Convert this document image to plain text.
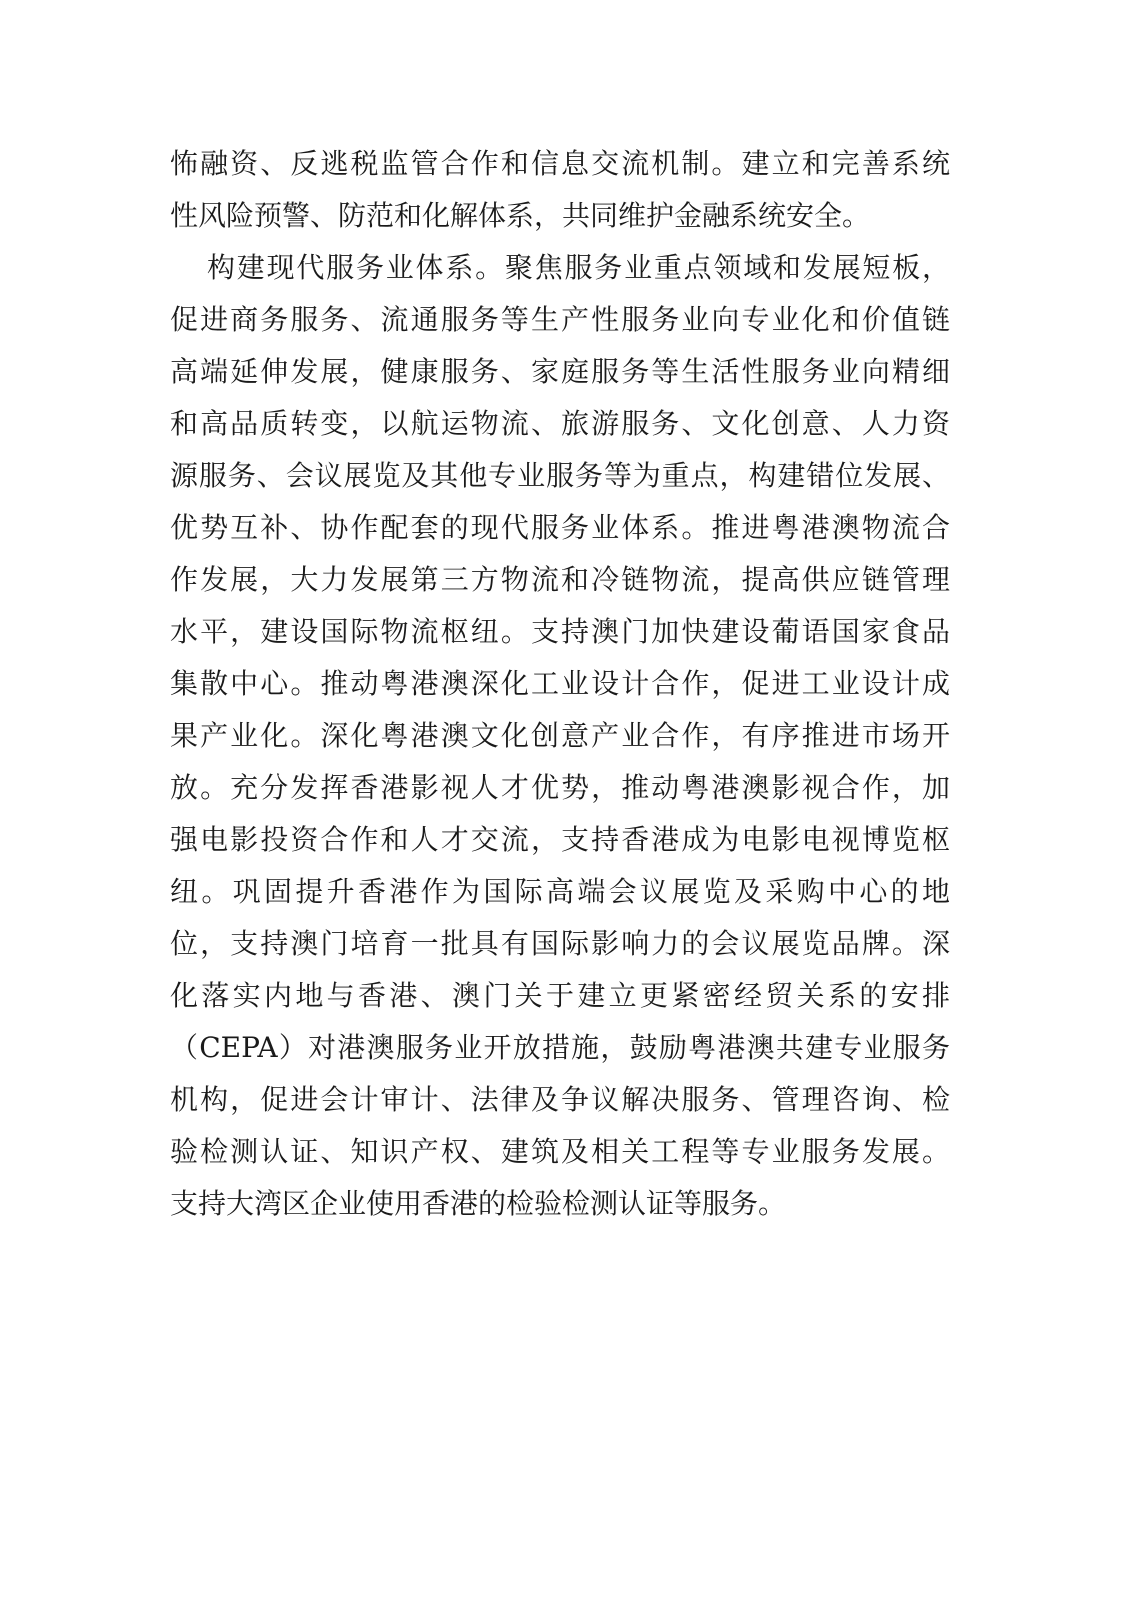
怖融资、反逃税监管合作和信息交流机制。建立和完善系统
性风险预警、防范和化解体系，共同维护金融系统安全。
构建现代服务业体系。聚焦服务业重点领域和发展短板，
促进商务服务、流通服务等生产性服务业向专业化和价值链
高端延伸发展，健康服务、家庭服务等生活性服务业向精细
和高品质转变，以航运物流、旅游服务、文化创意、人力资
源服务、会议展览及其他专业服务等为重点，构建错位发展、
优势互补、协作配套的现代服务业体系。推进粤港澳物流合
作发展，大力发展第三方物流和冷链物流，提高供应链管理
水平，建设国际物流枢纽。支持澳门加快建设葡语国家食品
集散中心。推动粤港澳深化工业设计合作，促进工业设计成
果产业化。深化粤港澳文化创意产业合作，有序推进市场开
放。充分发挥香港影视人才优势，推动粤港澳影视合作，加
强电影投资合作和人才交流，支持香港成为电影电视博览枢
纽。巩固提升香港作为国际高端会议展览及采购中心的地
位，支持澳门培育一批具有国际影响力的会议展览品牌。深
化落实内地与香港、澳门关于建立更紧密经贸关系的安排
（CEPA）对港澳服务业开放措施，鼓励粤港澳共建专业服务
机构，促进会计审计、法律及争议解决服务、管理咨询、检
验检测认证、知识产权、建筑及相关工程等专业服务发展。
支持大湾区企业使用香港的检验检测认证等服务。
